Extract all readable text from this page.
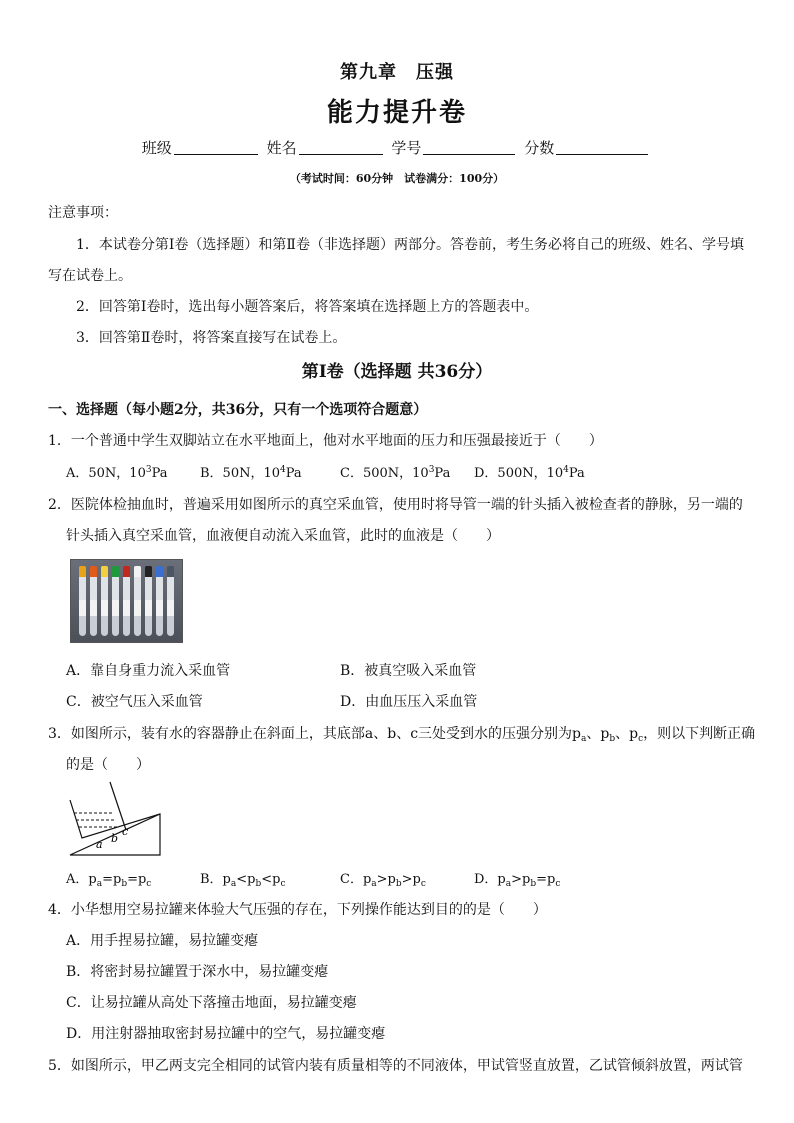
第九章　压强
能力提升卷
班级	姓名	学号	分数
（考试时间：60分钟　试卷满分：100分）
注意事项：
1．本试卷分第Ⅰ卷（选择题）和第Ⅱ卷（非选择题）两部分。答卷前，考生务必将自己的班级、姓名、学号填
写在试卷上。
2．回答第Ⅰ卷时，选出每小题答案后，将答案填在选择题上方的答题表中。
3．回答第Ⅱ卷时，将答案直接写在试卷上。
第Ⅰ卷（选择题 共36分）
一、选择题（每小题2分，共36分，只有一个选项符合题意）
1．一个普通中学生双脚站立在水平地面上，他对水平地面的压力和压强最接近于（　　）
A．50N，$10^3Pa$ B．50N，$10^4Pa$	C．500N，$10^3Pa$ D．500N，$10^4Pa$
2．医院体检抽血时，普遍采用如图所示的真空采血管，使用时将导管一端的针头插入被检查者的静脉，另一端的
针头插入真空采血管，血液便自动流入采血管，此时的血液是（　　）
A．靠自身重力流入采血管	B．被真空吸入采血管
C．被空气压入采血管	D．由血压压入采血管
3．如图所示，装有水的容器静止在斜面上，其底部a、b、c三处受到水的压强分别为$p_a$、$p_b$、$p_c$，则以下判断正确
的是（　　）
a b
c
A．$p_a=p_b=p_c$	B．$p_a<p_b<p_c$	C．$p_a>p_b>p_c$	D．$p_a>p_b=p_c$
4．小华想用空易拉罐来体验大气压强的存在，下列操作能达到目的的是（　　）
A．用手捏易拉罐，易拉罐变瘪
B．将密封易拉罐置于深水中，易拉罐变瘪
C．让易拉罐从高处下落撞击地面，易拉罐变瘪
D．用注射器抽取密封易拉罐中的空气，易拉罐变瘪
5．如图所示，甲乙两支完全相同的试管内装有质量相等的不同液体，甲试管竖直放置，乙试管倾斜放置，两试管
